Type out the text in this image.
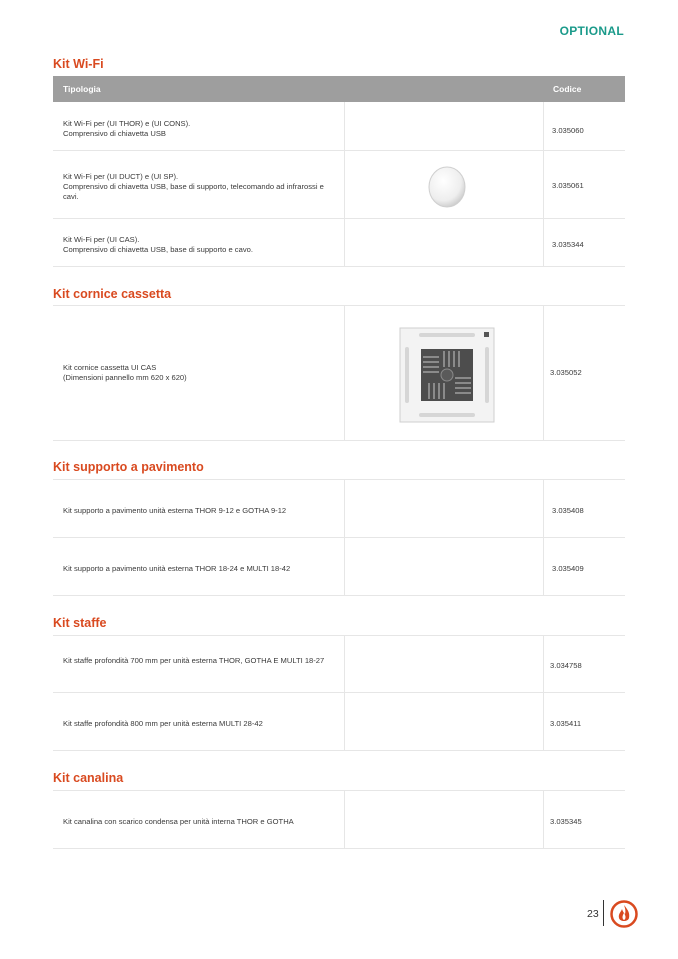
OPTIONAL
Kit Wi-Fi
Tipologia	Codice
Kit Wi-Fi per (UI THOR) e (UI CONS).
Comprensivo di chiavetta USB	3.035060
Kit Wi-Fi per (UI DUCT) e (UI SP).
Comprensivo di chiavetta USB, base di supporto, telecomando ad infrarossi e cavi.
3.035061
Kit Wi-Fi per (UI CAS).
Comprensivo di chiavetta USB, base di supporto e cavo.
3.035344
Kit cornice cassetta
Kit cornice cassetta UI CAS
(Dimensioni pannello mm 620 x 620)
3.035052
Kit supporto a pavimento
Kit supporto a pavimento unità esterna THOR 9-12 e GOTHA 9-12	3.035408
Kit supporto a pavimento unità esterna THOR 18-24 e MULTI 18-42	3.035409
Kit staffe
Kit staffe profondità 700 mm per unità esterna THOR, GOTHA E MULTI 18-27
3.034758
Kit staffe profondità 800 mm per unità esterna MULTI 28-42	3.035411
Kit canalina
Kit canalina con scarico condensa per unità interna THOR e GOTHA	3.035345
23
